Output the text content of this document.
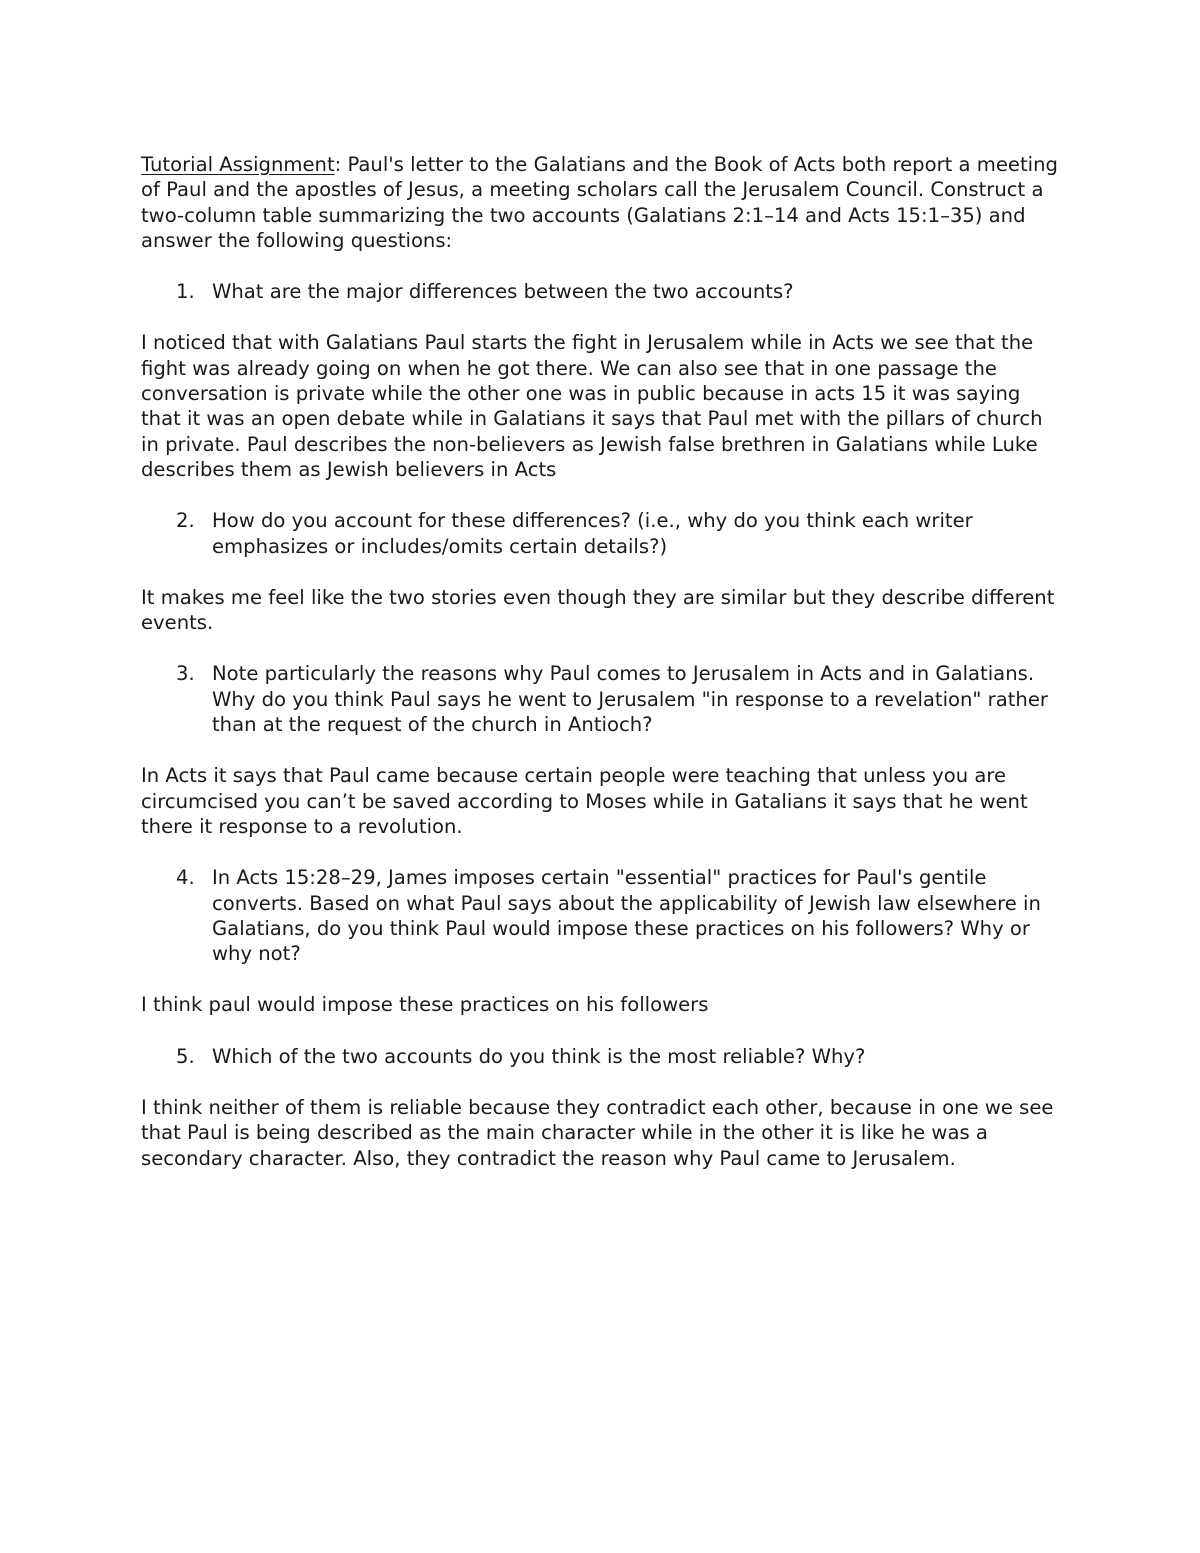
Tutorial Assignment: Paul's letter to the Galatians and the Book of Acts both report a meeting of Paul and the apostles of Jesus, a meeting scholars call the Jerusalem Council. Construct a two-column table summarizing the two accounts (Galatians 2:1–14 and Acts 15:1–35) and answer the following questions:

1. What are the major differences between the two accounts?

I noticed that with Galatians Paul starts the fight in Jerusalem while in Acts we see that the fight was already going on when he got there. We can also see that in one passage the conversation is private while the other one was in public because in acts 15 it was saying that it was an open debate while in Galatians it says that Paul met with the pillars of church in private. Paul describes the non-believers as Jewish false brethren in Galatians while Luke describes them as Jewish believers in Acts

2. How do you account for these differences? (i.e., why do you think each writer emphasizes or includes/omits certain details?)

It makes me feel like the two stories even though they are similar but they describe different events.

3. Note particularly the reasons why Paul comes to Jerusalem in Acts and in Galatians. Why do you think Paul says he went to Jerusalem "in response to a revelation" rather than at the request of the church in Antioch?

In Acts it says that Paul came because certain people were teaching that unless you are circumcised you can’t be saved according to Moses while in Gatalians it says that he went there it response to a revolution.

4. In Acts 15:28–29, James imposes certain "essential" practices for Paul's gentile converts. Based on what Paul says about the applicability of Jewish law elsewhere in Galatians, do you think Paul would impose these practices on his followers? Why or why not?

I think paul would impose these practices on his followers

5. Which of the two accounts do you think is the most reliable? Why?

I think neither of them is reliable because they contradict each other, because in one we see that Paul is being described as the main character while in the other it is like he was a secondary character. Also, they contradict the reason why Paul came to Jerusalem.
